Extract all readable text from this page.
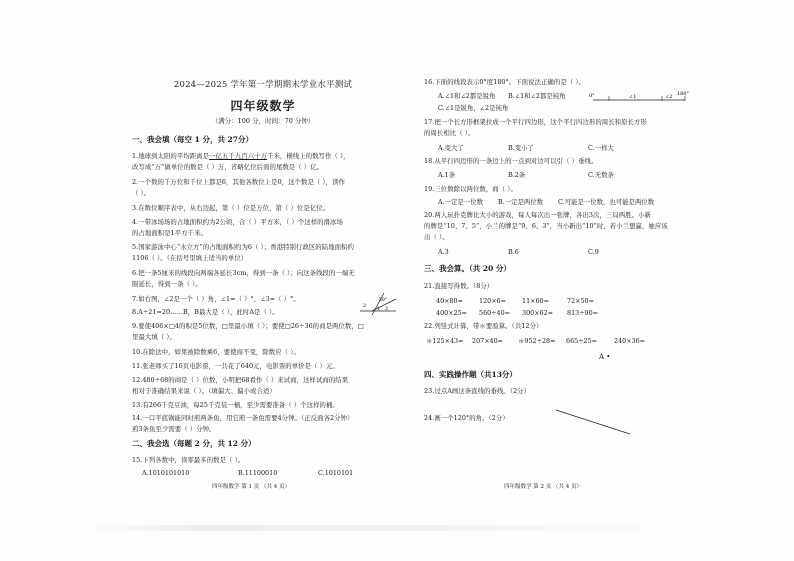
2024—2025 学年第一学期期末学业水平测试
四年级数学
（满分：100 分，时间：70 分钟）
一、我会填（每空 1 分，共 27分）
1.地球到太阳的平均距离是一亿五千九百六十万千米，横线上的数写作（ ），
改写成“万”做单位的数是（ ）万，省略亿位后面的尾数是（ ）亿。
2.一个数的千万位和千位上都是6，其他各数位上是0，这个数是（ ），读作
（ ）。
3.在数位顺序表中，从右边起，第（ ）位是万位，第（ ）位是亿位。
4.一带冰场场的占地面积约为2公顷，合（ ）平方米，（ ）个这样的滑冰场
的占地面积是1平方千米。
5.国家游泳中心“水立方”的占地面积约为6（ ）；香港特别行政区的陆地面积约
1106（ ）。（在括号里填上适当的单位）
6.把一条5厘米的线段向两端各延长3cm，得到一条（ ）；向这条线段的一端无
限延长，得到一条（ ）。
7.如右图，∠2是一个（ ）角，∠1=（ ）°，∠3=（ ）°。
2
50°
1 3
8.A÷21=20……B，B最大是（ ），此时A是（ ）。
9.要使406×□4的积是5位数，□里最小填（ ）；要使□26÷36的商是两位数，□
里最大填（ ）。
10.在除法中，如果被除数乘6，要使商不变，除数应（ ）。
11.张老师买了16页电影票，一共花了640元，电影票的单价是（ ）元。
12.480÷68的商是（ ）位数，小明把68看作（ ）来试商，这样试商的结果
相对于准确结果来说（ ）。（填偏大、偏小或合适）
13.有266千克豆油，每25千克装一桶，至少需要准备（ ）个这样的桶。
14.一口平底锅能同时煎两条鱼，用它煎一条鱼需要4分钟。（正反面各2分钟）
煎3条鱼至少需要（ ）分钟。
二、我会选（每题 2 分，共 12 分）
15.下列各数中，读零最多的数是（ ）。
A.1010101010	B.11100010	C.1010101
四年级数学 第 1 页 （共 4 页）
16.下面的线段表示0°度180°。下面说法正确的是（ ）。
A.∠1和∠2都是锐角 B.∠1和∠2都是钝角
C.∠1是锐角，∠2是钝角
0°	∠1	∠2 180°
17.把一个长方形框架拉成一个平行四边形，这个平行四边形的周长和原长方形
的周长相比（ ）。
A.变大了	B.变小了	C.一样大
18.从平行四边形的一条边上的一点到对边可以引（ ）垂线。
A.1条	B.2条	C.无数条
19.三位数除以两位数，商（ ）。
A.一定是一位数 B.一定是两位数 C.可能是一位数，也可能是两位数
20.两人玩扑克牌比大小的游戏，每人每次出一张牌，各出3次，三局两胜。小新
的牌是“10、7、5”，小兰的牌是“9、6、3”，当小新出“10”时，若小兰想赢，她应该
出（ ）。
A.3	B.6	C.9
三、我会算。（共 20 分）
21.直接写得数。（8分）
40×80=	120×6=	11×60=	72×50=
400×25= 560÷40= 300×62= 813÷90=
22.列竖式计算，带＊要验算。（共12分）
＊125×43= 207×40= ＊952÷28= 665÷25=	240×36=
A •
四、实践操作题（共13分）
23.过点A画这条直线的垂线。（2分）
24.画一个120°的角。（2分）
四年级数学 第 2 页 （共 4 页）
